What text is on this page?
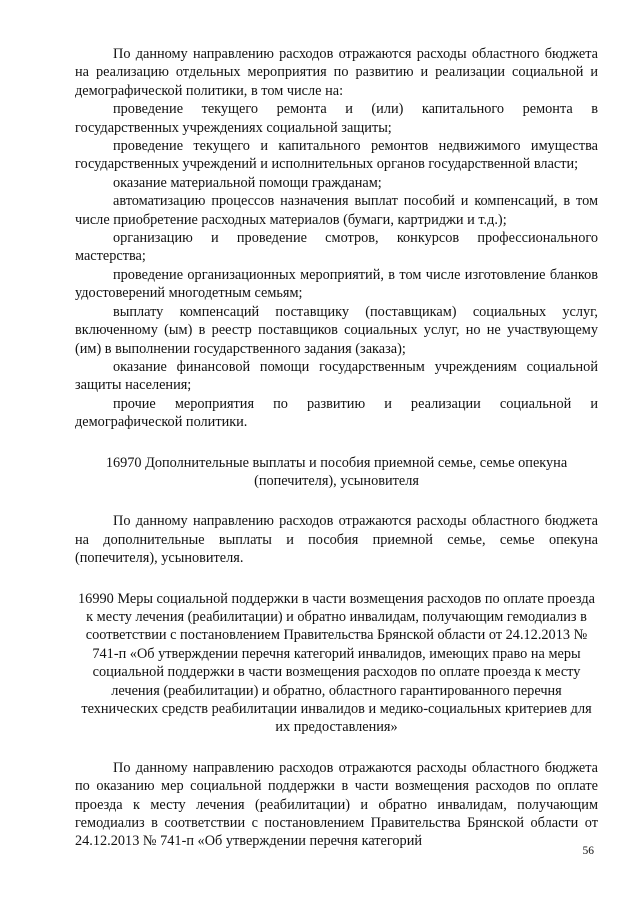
По данному направлению расходов отражаются расходы областного бюджета на реализацию отдельных мероприятия по развитию и реализации социальной и демографической политики, в том числе на:

проведение текущего ремонта и (или) капитального ремонта в государственных учреждениях социальной защиты;

проведение текущего и капитального ремонтов недвижимого имущества государственных учреждений и исполнительных органов государственной власти;

оказание материальной помощи гражданам;

автоматизацию процессов назначения выплат пособий и компенсаций, в том числе приобретение расходных материалов (бумаги, картриджи и т.д.);

организацию и проведение смотров, конкурсов профессионального мастерства;

проведение организационных мероприятий, в том числе изготовление бланков удостоверений многодетным семьям;

выплату компенсаций поставщику (поставщикам) социальных услуг, включенному (ым) в реестр поставщиков социальных услуг, но не участвующему (им) в выполнении государственного задания (заказа);

оказание финансовой помощи государственным учреждениям социальной защиты населения;

прочие мероприятия по развитию и реализации социальной и демографической политики.

16970 Дополнительные выплаты и пособия приемной семье, семье опекуна (попечителя), усыновителя

По данному направлению расходов отражаются расходы областного бюджета на дополнительные выплаты и пособия приемной семье, семье опекуна (попечителя), усыновителя.

16990 Меры социальной поддержки в части возмещения расходов по оплате проезда к месту лечения (реабилитации) и обратно инвалидам, получающим гемодиализ в соответствии с постановлением Правительства Брянской области от 24.12.2013 № 741-п «Об утверждении перечня категорий инвалидов, имеющих право на меры социальной поддержки в части возмещения расходов по оплате проезда к месту лечения (реабилитации) и обратно, областного гарантированного перечня технических средств реабилитации инвалидов и медико-социальных критериев для их предоставления»

По данному направлению расходов отражаются расходы областного бюджета по оказанию мер социальной поддержки в части возмещения расходов по оплате проезда к месту лечения (реабилитации) и обратно инвалидам, получающим гемодиализ в соответствии с постановлением Правительства Брянской области от 24.12.2013 № 741-п «Об утверждении перечня категорий

56
